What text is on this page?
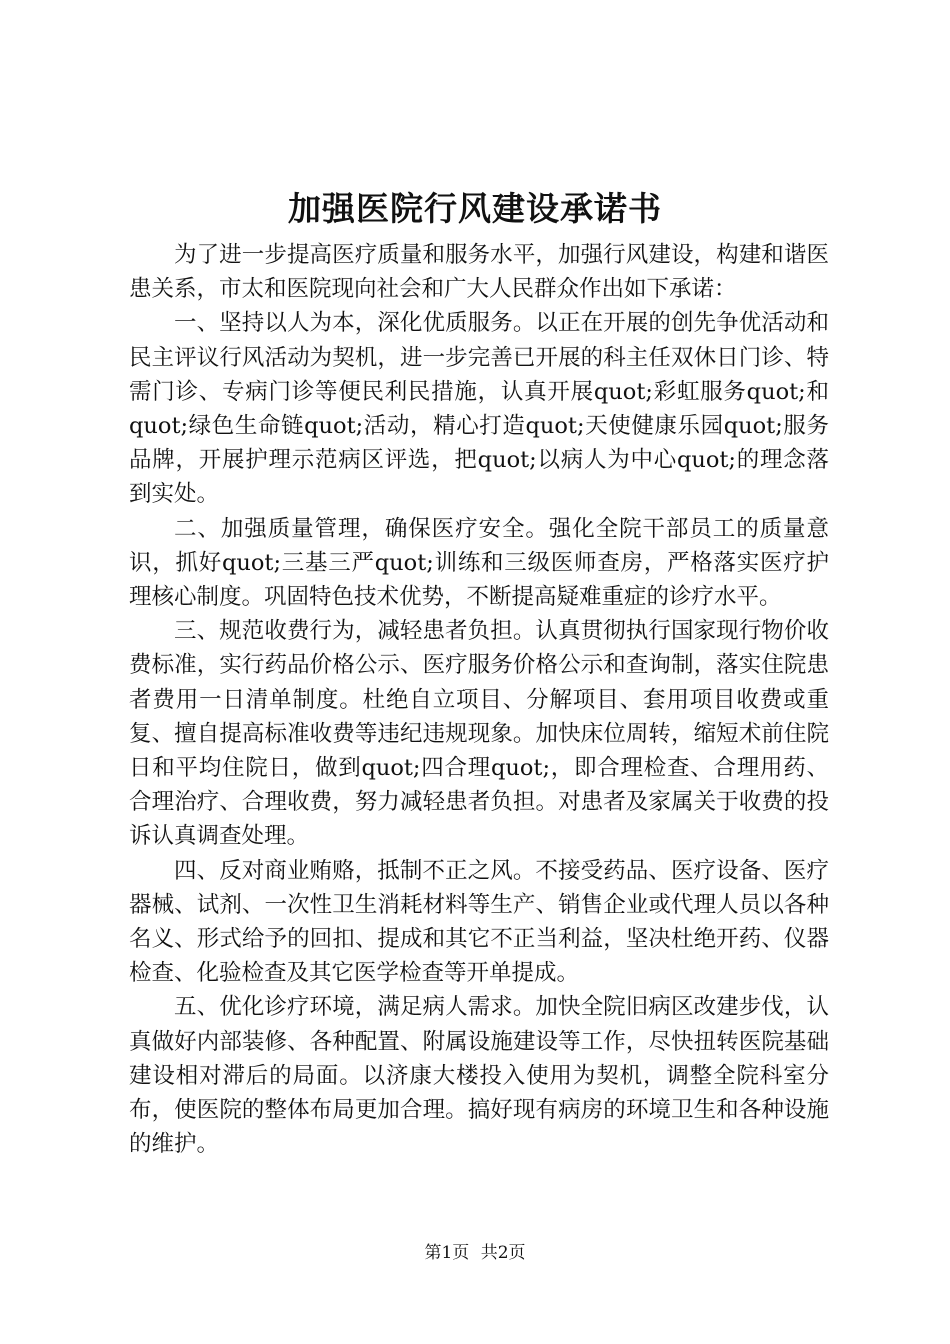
加强医院行风建设承诺书

为了进一步提高医疗质量和服务水平，加强行风建设，构建和谐医患关系，市太和医院现向社会和广大人民群众作出如下承诺：

一、坚持以人为本，深化优质服务。以正在开展的创先争优活动和民主评议行风活动为契机，进一步完善已开展的科主任双休日门诊、特需门诊、专病门诊等便民利民措施，认真开展quot;彩虹服务quot;和quot;绿色生命链quot;活动，精心打造quot;天使健康乐园quot;服务品牌，开展护理示范病区评选，把quot;以病人为中心quot;的理念落到实处。

二、加强质量管理，确保医疗安全。强化全院干部员工的质量意识，抓好quot;三基三严quot;训练和三级医师查房，严格落实医疗护理核心制度。巩固特色技术优势，不断提高疑难重症的诊疗水平。

三、规范收费行为，减轻患者负担。认真贯彻执行国家现行物价收费标准，实行药品价格公示、医疗服务价格公示和查询制，落实住院患者费用一日清单制度。杜绝自立项目、分解项目、套用项目收费或重复、擅自提高标准收费等违纪违规现象。加快床位周转，缩短术前住院日和平均住院日，做到quot;四合理quot;，即合理检查、合理用药、合理治疗、合理收费，努力减轻患者负担。对患者及家属关于收费的投诉认真调查处理。

四、反对商业贿赂，抵制不正之风。不接受药品、医疗设备、医疗器械、试剂、一次性卫生消耗材料等生产、销售企业或代理人员以各种名义、形式给予的回扣、提成和其它不正当利益，坚决杜绝开药、仪器检查、化验检查及其它医学检查等开单提成。

五、优化诊疗环境，满足病人需求。加快全院旧病区改建步伐，认真做好内部装修、各种配置、附属设施建设等工作，尽快扭转医院基础建设相对滞后的局面。以济康大楼投入使用为契机，调整全院科室分布，使医院的整体布局更加合理。搞好现有病房的环境卫生和各种设施的维护。

第1页 共2页
